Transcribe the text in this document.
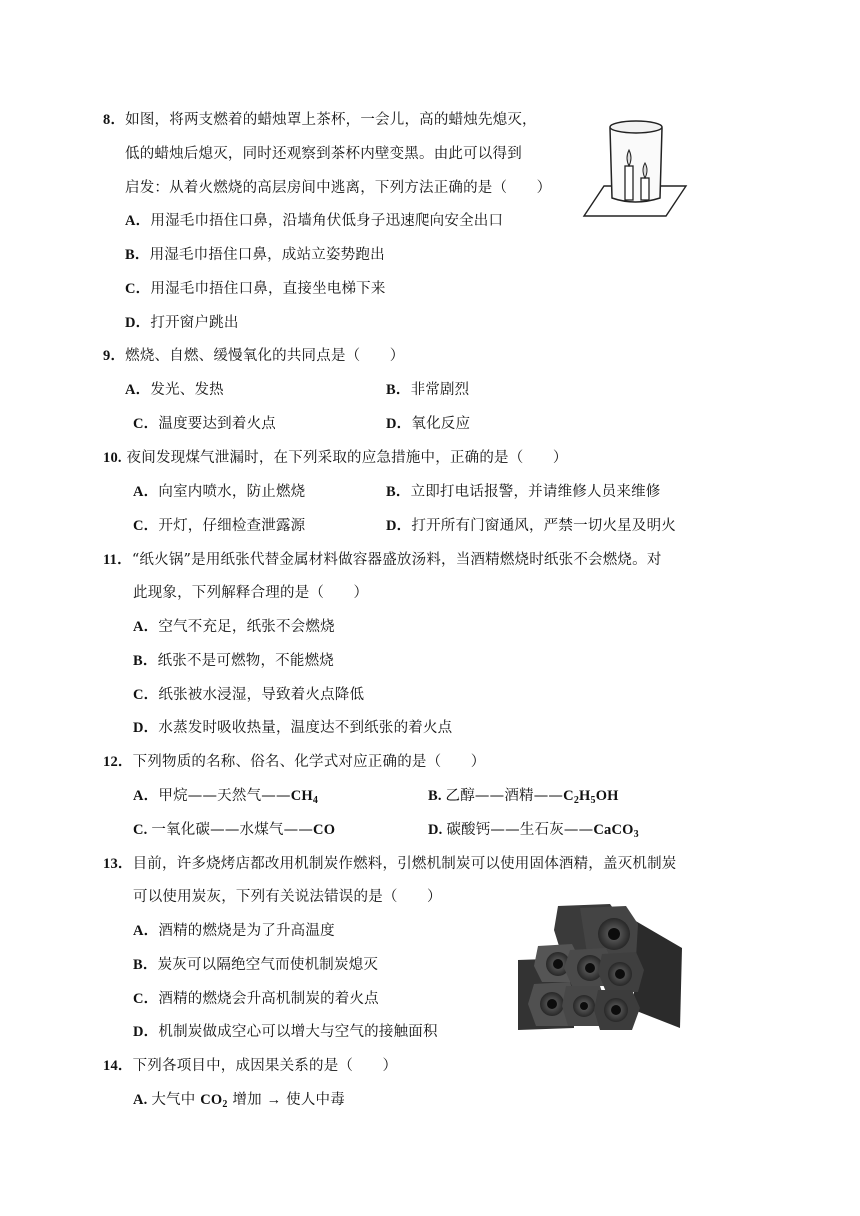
8．如图，将两支燃着的蜡烛罩上茶杯，一会儿，高的蜡烛先熄灭，
低的蜡烛后熄灭，同时还观察到茶杯内壁变黑。由此可以得到
启发：从着火燃烧的高层房间中逃离，下列方法正确的是（　　）
A．用湿毛巾捂住口鼻，沿墙角伏低身子迅速爬向安全出口
B．用湿毛巾捂住口鼻，成站立姿势跑出
C．用湿毛巾捂住口鼻，直接坐电梯下来
D．打开窗户跳出
9．燃烧、自燃、缓慢氧化的共同点是（　　）
A．发光、发热	B．非常剧烈
C．温度要达到着火点	D．氧化反应
10. 夜间发现煤气泄漏时，在下列采取的应急措施中，正确的是（　　）
A．向室内喷水，防止燃烧	B．立即打电话报警，并请维修人员来维修
C．开灯，仔细检查泄露源	D．打开所有门窗通风，严禁一切火星及明火
11．“纸火锅”是用纸张代替金属材料做容器盛放汤料，当酒精燃烧时纸张不会燃烧。对
此现象，下列解释合理的是（　　）
A．空气不充足，纸张不会燃烧
B．纸张不是可燃物，不能燃烧
C．纸张被水浸湿，导致着火点降低
D．水蒸发时吸收热量，温度达不到纸张的着火点
12．下列物质的名称、俗名、化学式对应正确的是（　　）
A．甲烷——天然气$——CH_4$	B. 乙醇——酒精$——C_2H_5OH$
C. 一氧化碳——水煤气——CO	D. 碳酸钙——生石灰——CaCO$_3$
13．目前，许多烧烤店都改用机制炭作燃料，引燃机制炭可以使用固体酒精，盖灭机制炭
可以使用炭灰，下列有关说法错误的是（　　）
A．酒精的燃烧是为了升高温度
B．炭灰可以隔绝空气而使机制炭熄灭
C．酒精的燃烧会升高机制炭的着火点
D．机制炭做成空心可以增大与空气的接触面积
14．下列各项目中，成因果关系的是（　　）
A. 大气中 $CO_2$ 增加 → 使人中毒
